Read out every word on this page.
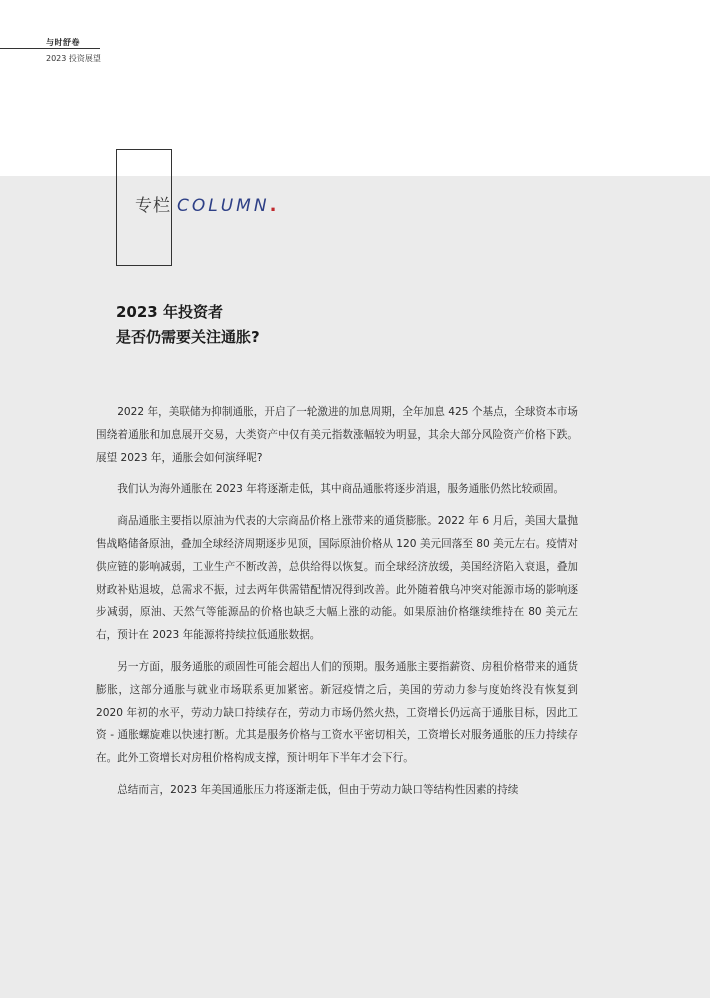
与时舒卷
2023 投资展望
专栏 COLUMN.
2023 年投资者
是否仍需要关注通胀?

2022 年，美联储为抑制通胀，开启了一轮激进的加息周期，全年加息 425 个基点，全球资本市场围绕着通胀和加息展开交易，大类资产中仅有美元指数涨幅较为明显，其余大部分风险资产价格下跌。展望 2023 年，通胀会如何演绎呢?

我们认为海外通胀在 2023 年将逐渐走低，其中商品通胀将逐步消退，服务通胀仍然比较顽固。

商品通胀主要指以原油为代表的大宗商品价格上涨带来的通货膨胀。2022 年 6 月后，美国大量抛售战略储备原油，叠加全球经济周期逐步见顶，国际原油价格从 120 美元回落至 80 美元左右。疫情对供应链的影响减弱，工业生产不断改善，总供给得以恢复。而全球经济放缓，美国经济陷入衰退，叠加财政补贴退坡，总需求不振，过去两年供需错配情况得到改善。此外随着俄乌冲突对能源市场的影响逐步减弱，原油、天然气等能源品的价格也缺乏大幅上涨的动能。如果原油价格继续维持在 80 美元左右，预计在 2023 年能源将持续拉低通胀数据。

另一方面，服务通胀的顽固性可能会超出人们的预期。服务通胀主要指薪资、房租价格带来的通货膨胀，这部分通胀与就业市场联系更加紧密。新冠疫情之后，美国的劳动力参与度始终没有恢复到 2020 年初的水平，劳动力缺口持续存在，劳动力市场仍然火热，工资增长仍远高于通胀目标，因此工资 - 通胀螺旋难以快速打断。尤其是服务价格与工资水平密切相关，工资增长对服务通胀的压力持续存在。此外工资增长对房租价格构成支撑，预计明年下半年才会下行。

总结而言，2023 年美国通胀压力将逐渐走低，但由于劳动力缺口等结构性因素的持续
